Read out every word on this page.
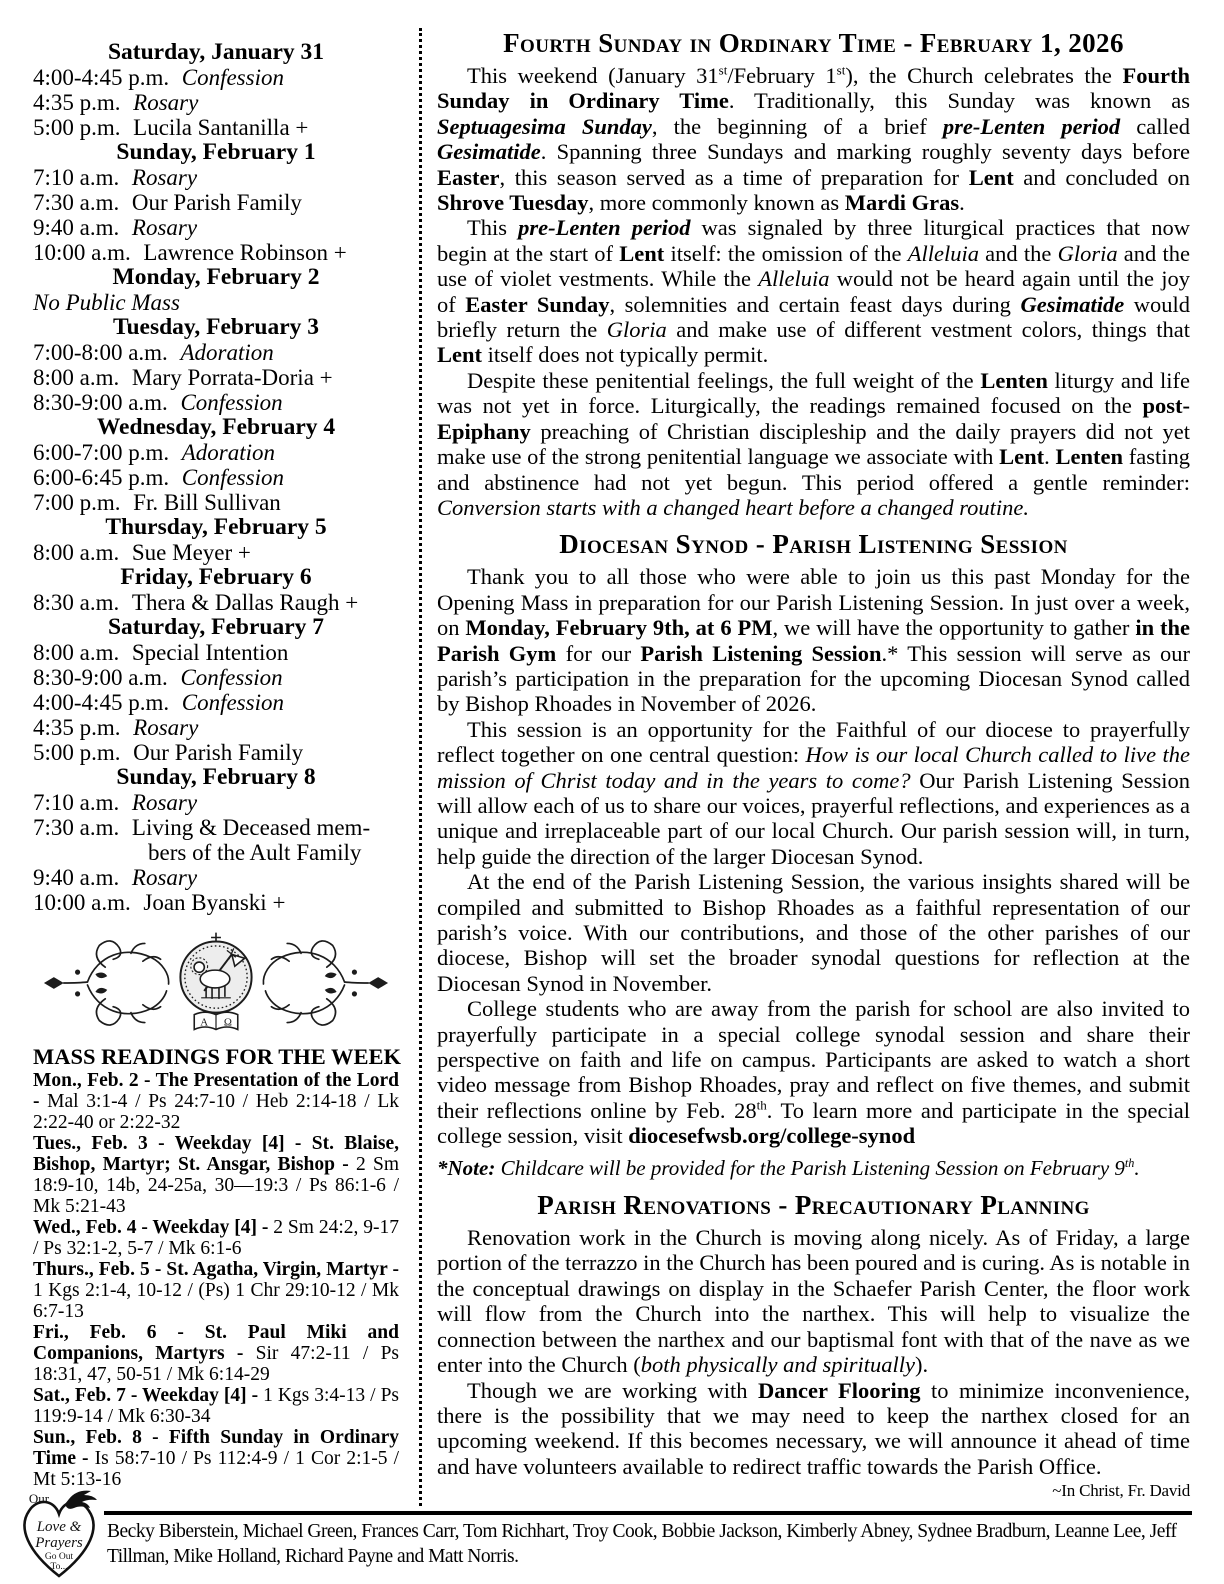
Saturday, January 31
4:00-4:45 p.m. Confession
4:35 p.m. Rosary
5:00 p.m. Lucila Santanilla +
Sunday, February 1
7:10 a.m. Rosary
7:30 a.m. Our Parish Family
9:40 a.m. Rosary
10:00 a.m. Lawrence Robinson +
Monday, February 2
No Public Mass
Tuesday, February 3
7:00-8:00 a.m. Adoration
8:00 a.m. Mary Porrata-Doria +
8:30-9:00 a.m. Confession
Wednesday, February 4
6:00-7:00 p.m. Adoration
6:00-6:45 p.m. Confession
7:00 p.m. Fr. Bill Sullivan
Thursday, February 5
8:00 a.m. Sue Meyer +
Friday, February 6
8:30 a.m. Thera & Dallas Raugh +
Saturday, February 7
8:00 a.m. Special Intention
8:30-9:00 a.m. Confession
4:00-4:45 p.m. Confession
4:35 p.m. Rosary
5:00 p.m. Our Parish Family
Sunday, February 8
7:10 a.m. Rosary
7:30 a.m. Living & Deceased mem-
bers of the Ault Family
9:40 a.m. Rosary
10:00 a.m. Joan Byanski +
Α Ω
MASS READINGS FOR THE WEEK
Mon., Feb. 2 - The Presentation of the Lord - Mal 3:1-4 / Ps 24:7-10 / Heb 2:14-18 / Lk 2:22-40 or 2:22-32
Tues., Feb. 3 - Weekday [4] - St. Blaise, Bishop, Martyr; St. Ansgar, Bishop - 2 Sm 18:9-10, 14b, 24-25a, 30—19:3 / Ps 86:1-6 / Mk 5:21-43
Wed., Feb. 4 - Weekday [4] - 2 Sm 24:2, 9-17 / Ps 32:1-2, 5-7 / Mk 6:1-6
Thurs., Feb. 5 - St. Agatha, Virgin, Martyr - 1 Kgs 2:1-4, 10-12 / (Ps) 1 Chr 29:10-12 / Mk 6:7-13
Fri., Feb. 6 - St. Paul Miki and Companions, Martyrs - Sir 47:2-11 / Ps 18:31, 47, 50-51 / Mk 6:14-29
Sat., Feb. 7 - Weekday [4] - 1 Kgs 3:4-13 / Ps 119:9-14 / Mk 6:30-34
Sun., Feb. 8 - Fifth Sunday in Ordinary Time - Is 58:7-10 / Ps 112:4-9 / 1 Cor 2:1-5 / Mt 5:13-16
Fourth Sunday in Ordinary Time - February 1, 2026
This weekend (January 31st/February 1st), the Church celebrates the Fourth Sunday in Ordinary Time. Traditionally, this Sunday was known as Septuagesima Sunday, the beginning of a brief pre-Lenten period called Gesimatide. Spanning three Sundays and marking roughly seventy days before Easter, this season served as a time of preparation for Lent and concluded on Shrove Tuesday, more commonly known as Mardi Gras.
This pre-Lenten period was signaled by three liturgical practices that now begin at the start of Lent itself: the omission of the Alleluia and the Gloria and the use of violet vestments. While the Alleluia would not be heard again until the joy of Easter Sunday, solemnities and certain feast days during Gesimatide would briefly return the Gloria and make use of different vestment colors, things that Lent itself does not typically permit.
Despite these penitential feelings, the full weight of the Lenten liturgy and life was not yet in force. Liturgically, the readings remained focused on the post-Epiphany preaching of Christian discipleship and the daily prayers did not yet make use of the strong penitential language we associate with Lent. Lenten fasting and abstinence had not yet begun. This period offered a gentle reminder: Conversion starts with a changed heart before a changed routine.
Diocesan Synod - Parish Listening Session
Thank you to all those who were able to join us this past Monday for the Opening Mass in preparation for our Parish Listening Session. In just over a week, on Monday, February 9th, at 6 PM, we will have the opportunity to gather in the Parish Gym for our Parish Listening Session.* This session will serve as our parish’s participation in the preparation for the upcoming Diocesan Synod called by Bishop Rhoades in November of 2026.
This session is an opportunity for the Faithful of our diocese to prayerfully reflect together on one central question: How is our local Church called to live the mission of Christ today and in the years to come? Our Parish Listening Session will allow each of us to share our voices, prayerful reflections, and experiences as a unique and irreplaceable part of our local Church. Our parish session will, in turn, help guide the direction of the larger Diocesan Synod.
At the end of the Parish Listening Session, the various insights shared will be compiled and submitted to Bishop Rhoades as a faithful representation of our parish’s voice. With our contributions, and those of the other parishes of our diocese, Bishop will set the broader synodal questions for reflection at the Diocesan Synod in November.
College students who are away from the parish for school are also invited to prayerfully participate in a special college synodal session and share their perspective on faith and life on campus. Participants are asked to watch a short video message from Bishop Rhoades, pray and reflect on five themes, and submit their reflections online by Feb. 28th. To learn more and participate in the special college session, visit diocesefwsb.org/college-synod
*Note: Childcare will be provided for the Parish Listening Session on February 9th.
Parish Renovations - Precautionary Planning
Renovation work in the Church is moving along nicely. As of Friday, a large portion of the terrazzo in the Church has been poured and is curing. As is notable in the conceptual drawings on display in the Schaefer Parish Center, the floor work will flow from the Church into the narthex. This will help to visualize the connection between the narthex and our baptismal font with that of the nave as we enter into the Church (both physically and spiritually).
Though we are working with Dancer Flooring to minimize inconvenience, there is the possibility that we may need to keep the narthex closed for an upcoming weekend. If this becomes necessary, we will announce it ahead of time and have volunteers available to redirect traffic towards the Parish Office.
~In Christ, Fr. David
Our
Love &
Prayers
Go Out
To...
Becky Biberstein, Michael Green, Frances Carr, Tom Richhart, Troy Cook, Bobbie Jackson, Kimberly Abney, Sydnee Bradburn, Leanne Lee, Jeff Tillman, Mike Holland, Richard Payne and Matt Norris.
